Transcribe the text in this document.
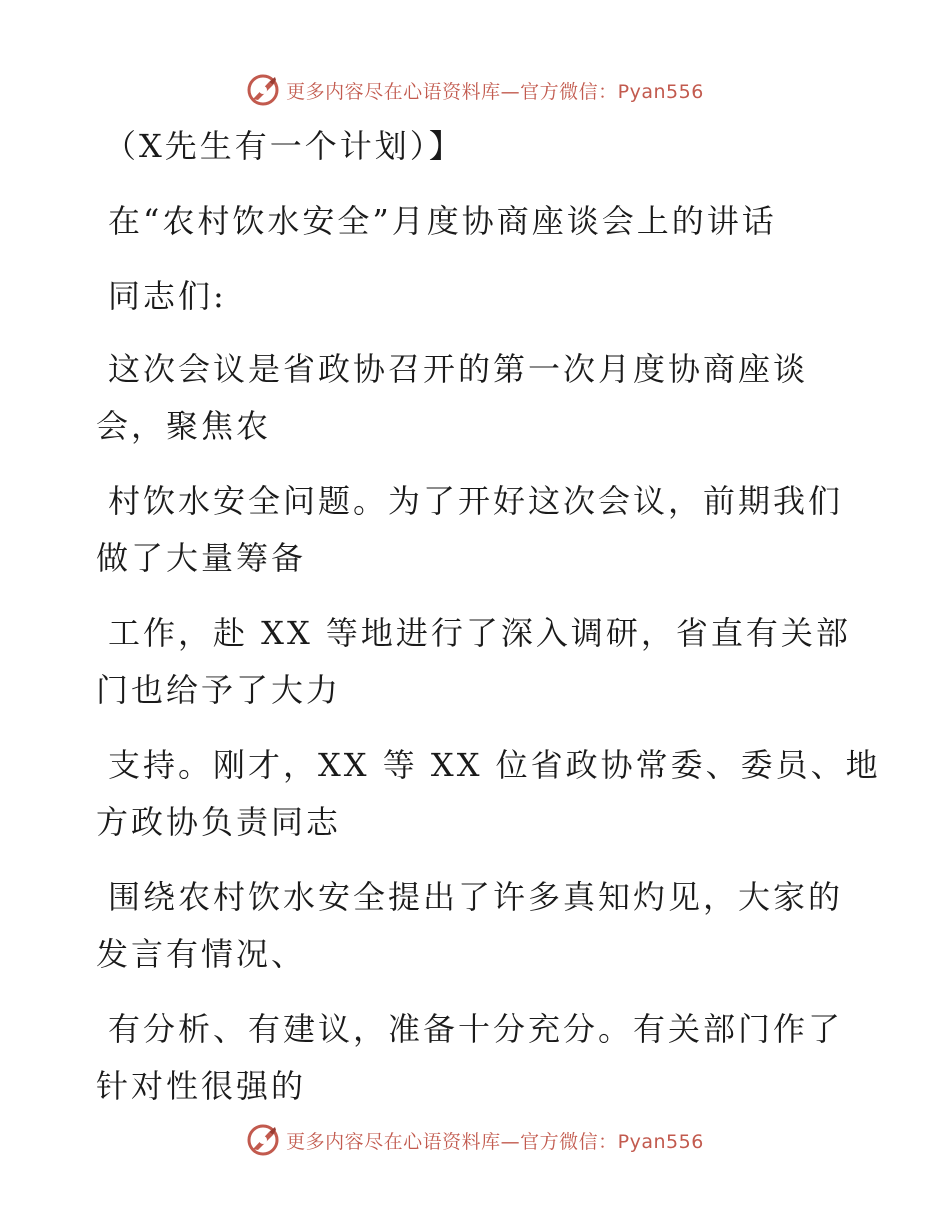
更多内容尽在心语资料库—官方微信：Pyan556

（X先生有一个计划）】

在“农村饮水安全”月度协商座谈会上的讲话

同志们:

这次会议是省政协召开的第一次月度协商座谈

会，聚焦农

村饮水安全问题。为了开好这次会议，前期我们

做了大量筹备

工作，赴 XX 等地进行了深入调研，省直有关部

门也给予了大力

支持。刚才，XX 等 XX 位省政协常委、委员、地

方政协负责同志

围绕农村饮水安全提出了许多真知灼见，大家的

发言有情况、

有分析、有建议，准备十分充分。有关部门作了

针对性很强的

更多内容尽在心语资料库—官方微信：Pyan556
